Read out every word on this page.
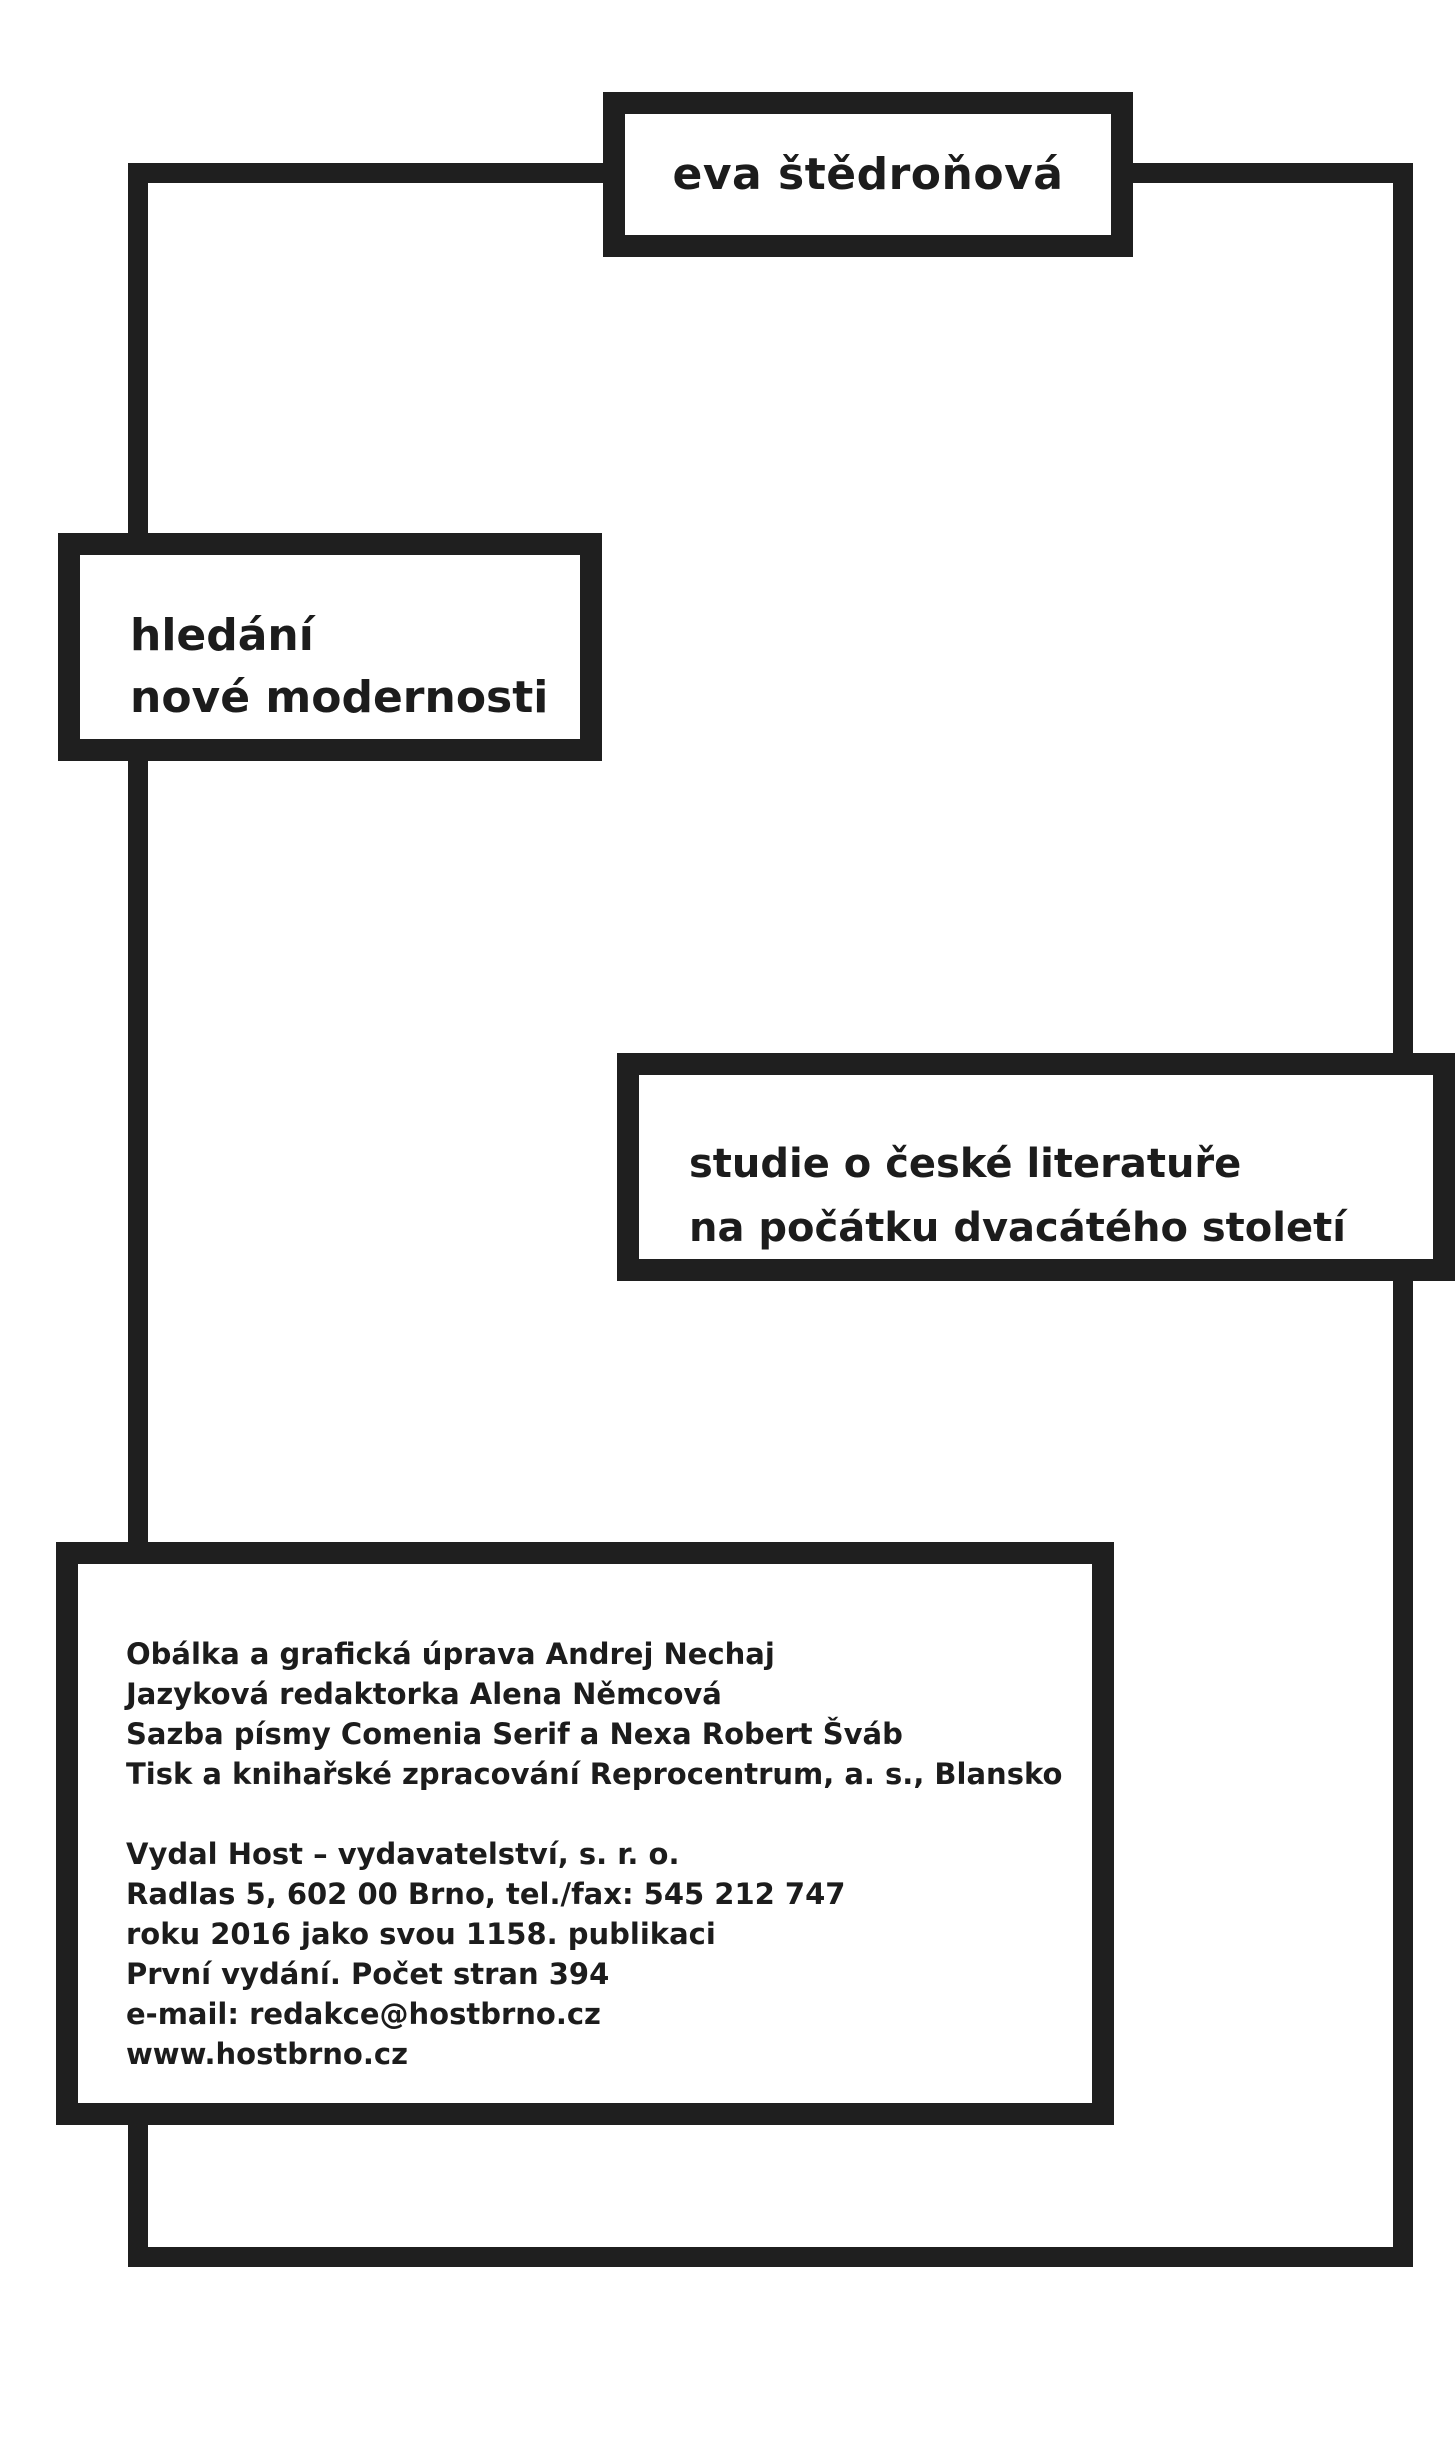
eva štědroňová
hledání
nové modernosti
studie o české literatuře
na počátku dvacátého století
Obálka a grafická úprava Andrej Nechaj
Jazyková redaktorka Alena Němcová
Sazba písmy Comenia Serif a Nexa Robert Šváb
Tisk a knihařské zpracování Reprocentrum, a. s., Blansko
Vydal Host – vydavatelství, s. r. o.
Radlas 5, 602 00 Brno, tel./fax: 545 212 747
roku 2016 jako svou 1158. publikaci
První vydání. Počet stran 394
e-mail: redakce@hostbrno.cz
www.hostbrno.cz
